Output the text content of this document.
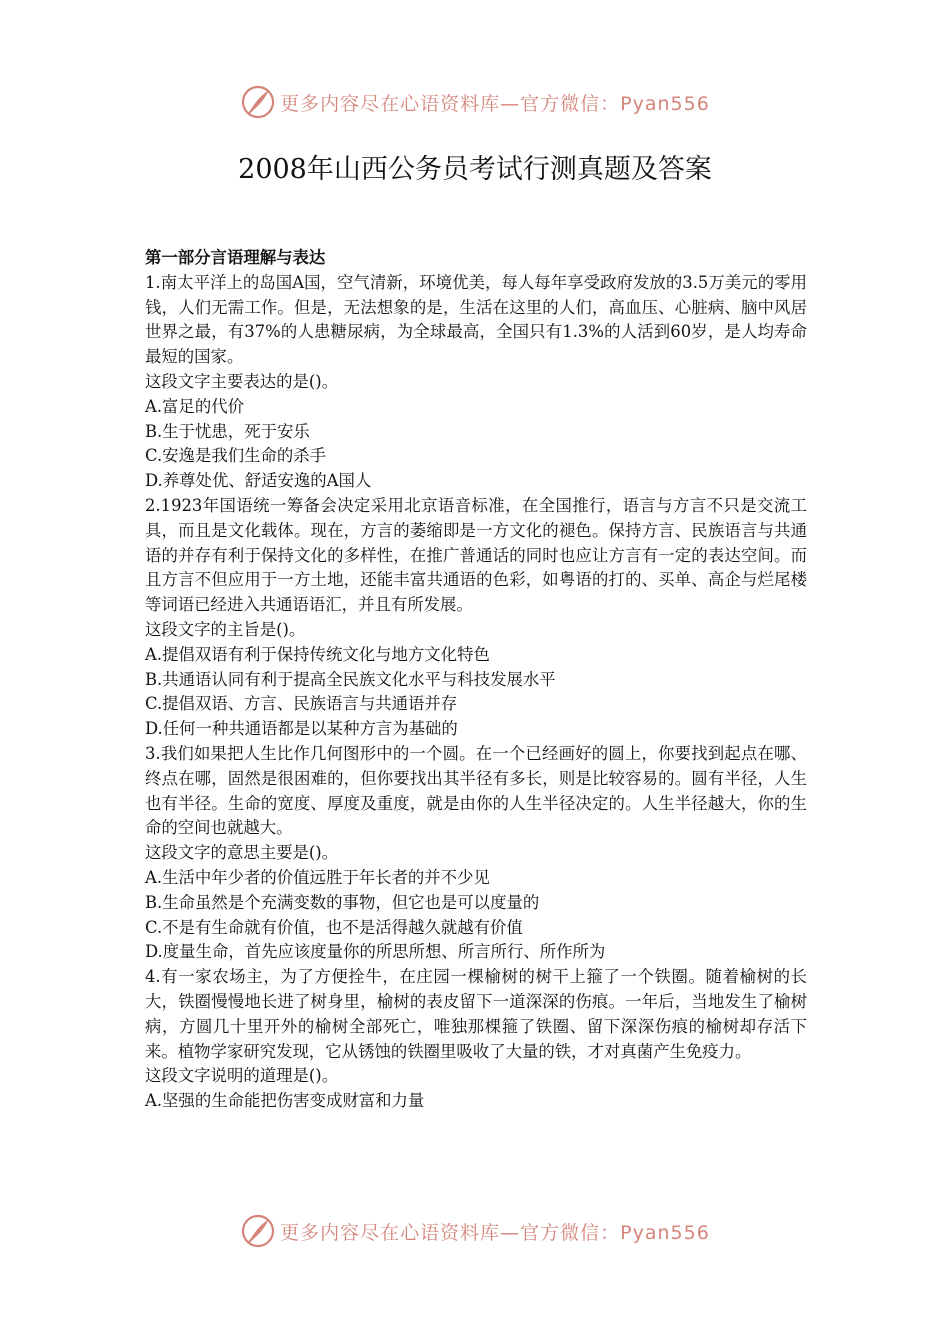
更多内容尽在心语资料库—官方微信：Pyan556
2008年山西公务员考试行测真题及答案

第一部分言语理解与表达

1.南太平洋上的岛国A国，空气清新，环境优美，每人每年享受政府发放的3.5万美元的零用钱，人们无需工作。但是，无法想象的是，生活在这里的人们，高血压、心脏病、脑中风居世界之最，有37%的人患糖尿病，为全球最高，全国只有1.3%的人活到60岁，是人均寿命最短的国家。

这段文字主要表达的是()。

A.富足的代价

B.生于忧患，死于安乐

C.安逸是我们生命的杀手

D.养尊处优、舒适安逸的A国人

2.1923年国语统一筹备会决定采用北京语音标准，在全国推行，语言与方言不只是交流工具，而且是文化载体。现在，方言的萎缩即是一方文化的褪色。保持方言、民族语言与共通语的并存有利于保持文化的多样性，在推广普通话的同时也应让方言有一定的表达空间。而且方言不但应用于一方土地，还能丰富共通语的色彩，如粤语的打的、买单、高企与烂尾楼等词语已经进入共通语语汇，并且有所发展。

这段文字的主旨是()。

A.提倡双语有利于保持传统文化与地方文化特色

B.共通语认同有利于提高全民族文化水平与科技发展水平

C.提倡双语、方言、民族语言与共通语并存

D.任何一种共通语都是以某种方言为基础的

3.我们如果把人生比作几何图形中的一个圆。在一个已经画好的圆上，你要找到起点在哪、终点在哪，固然是很困难的，但你要找出其半径有多长，则是比较容易的。圆有半径，人生也有半径。生命的宽度、厚度及重度，就是由你的人生半径决定的。人生半径越大，你的生命的空间也就越大。

这段文字的意思主要是()。

A.生活中年少者的价值远胜于年长者的并不少见

B.生命虽然是个充满变数的事物，但它也是可以度量的

C.不是有生命就有价值，也不是活得越久就越有价值

D.度量生命，首先应该度量你的所思所想、所言所行、所作所为

4.有一家农场主，为了方便拴牛，在庄园一棵榆树的树干上箍了一个铁圈。随着榆树的长大，铁圈慢慢地长进了树身里，榆树的表皮留下一道深深的伤痕。一年后，当地发生了榆树病，方圆几十里开外的榆树全部死亡，唯独那棵箍了铁圈、留下深深伤痕的榆树却存活下来。植物学家研究发现，它从锈蚀的铁圈里吸收了大量的铁，才对真菌产生免疫力。

这段文字说明的道理是()。

A.坚强的生命能把伤害变成财富和力量

更多内容尽在心语资料库—官方微信：Pyan556
